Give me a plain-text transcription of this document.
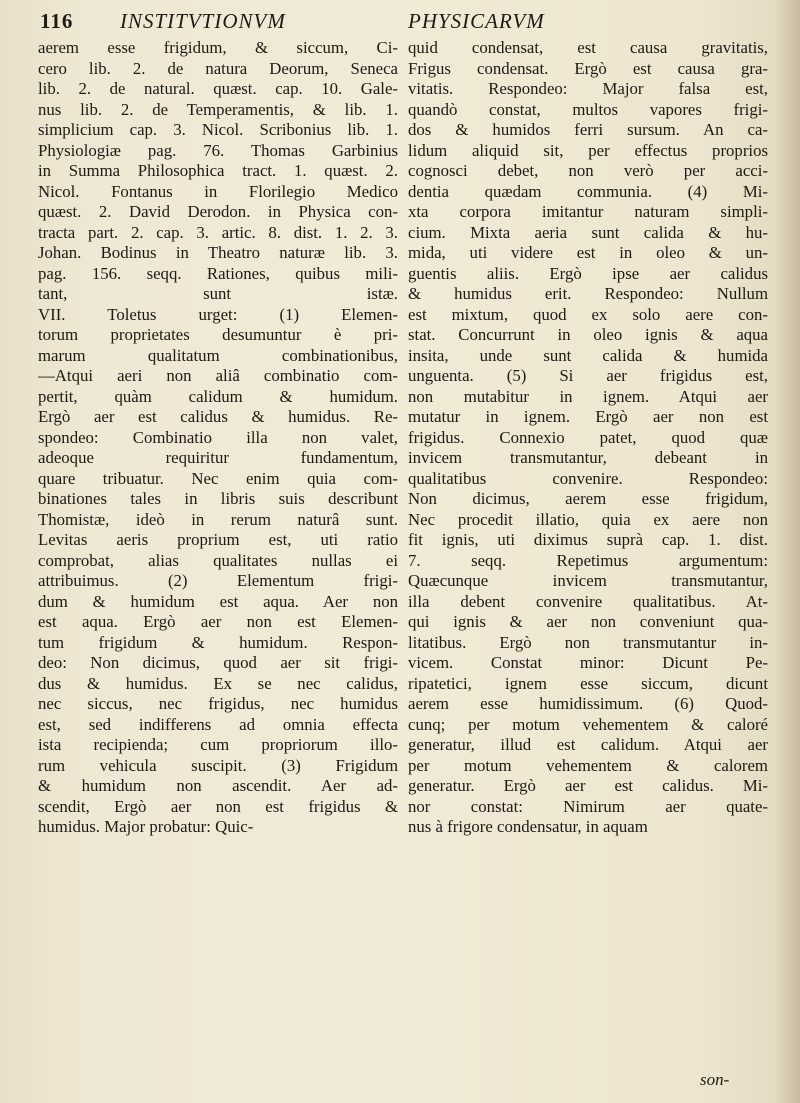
116 INSTITVTIONVM	PHYSICARVM
aerem esse frigidum, & siccum, Ci-
cero lib. 2. de natura Deorum, Seneca
lib. 2. de natural. quæst. cap. 10. Gale-
nus lib. 2. de Temperamentis, & lib. 1.
simplicium cap. 3. Nicol. Scribonius lib. 1.
Physiologiæ pag. 76. Thomas Garbinius
in Summa Philosophica tract. 1. quæst. 2.
Nicol. Fontanus in Florilegio Medico
quæst. 2. David Derodon. in Physica con-
tracta part. 2. cap. 3. artic. 8. dist. 1. 2. 3.
Johan. Bodinus in Theatro naturæ lib. 3.
pag. 156. seqq. Rationes, quibus mili-
tant, sunt istæ.
VII. Toletus urget: (1) Elemen-
torum proprietates desumuntur è pri-
marum qualitatum combinationibus,
—Atqui aeri non aliâ combinatio com-
pertit, quàm calidum & humidum.
Ergò aer est calidus & humidus. Re-
spondeo: Combinatio illa non valet,
adeoque requiritur fundamentum,
quare tribuatur. Nec enim quia com-
binationes tales in libris suis describunt
Thomistæ, ideò in rerum naturâ sunt.
Levitas aeris proprium est, uti ratio
comprobat, alias qualitates nullas ei
attribuimus. (2) Elementum frigi-
dum & humidum est aqua. Aer non
est aqua. Ergò aer non est Elemen-
tum frigidum & humidum. Respon-
deo: Non dicimus, quod aer sit frigi-
dus & humidus. Ex se nec calidus,
nec siccus, nec frigidus, nec humidus
est, sed indifferens ad omnia effecta
ista recipienda; cum propriorum illo-
rum vehicula suscipit. (3) Frigidum
& humidum non ascendit. Aer ad-
scendit, Ergò aer non est frigidus &
humidus. Major probatur: Quic-
quid condensat, est causa gravitatis,
Frigus condensat. Ergò est causa gra-
vitatis. Respondeo: Major falsa est,
quandò constat, multos vapores frigi-
dos & humidos ferri sursum. An ca-
lidum aliquid sit, per effectus proprios
cognosci debet, non verò per acci-
dentia quædam communia. (4) Mi-
xta corpora imitantur naturam simpli-
cium. Mixta aeria sunt calida & hu-
mida, uti videre est in oleo & un-
guentis aliis. Ergò ipse aer calidus
& humidus erit. Respondeo: Nullum
est mixtum, quod ex solo aere con-
stat. Concurrunt in oleo ignis & aqua
insita, unde sunt calida & humida
unguenta. (5) Si aer frigidus est,
non mutabitur in ignem. Atqui aer
mutatur in ignem. Ergò aer non est
frigidus. Connexio patet, quod quæ
invicem transmutantur, debeant in
qualitatibus convenire. Respondeo:
Non dicimus, aerem esse frigidum,
Nec procedit illatio, quia ex aere non
fit ignis, uti diximus suprà cap. 1. dist.
7. seqq. Repetimus argumentum:
Quæcunque invicem transmutantur,
illa debent convenire qualitatibus. At-
qui ignis & aer non conveniunt qua-
litatibus. Ergò non transmutantur in-
vicem. Constat minor: Dicunt Pe-
ripatetici, ignem esse siccum, dicunt
aerem esse humidissimum. (6) Quod-
cunq; per motum vehementem & caloré
generatur, illud est calidum. Atqui aer
per motum vehementem & calorem
generatur. Ergò aer est calidus. Mi-
nor constat: Nimirum aer quate-
nus à frigore condensatur, in aquam
son-
